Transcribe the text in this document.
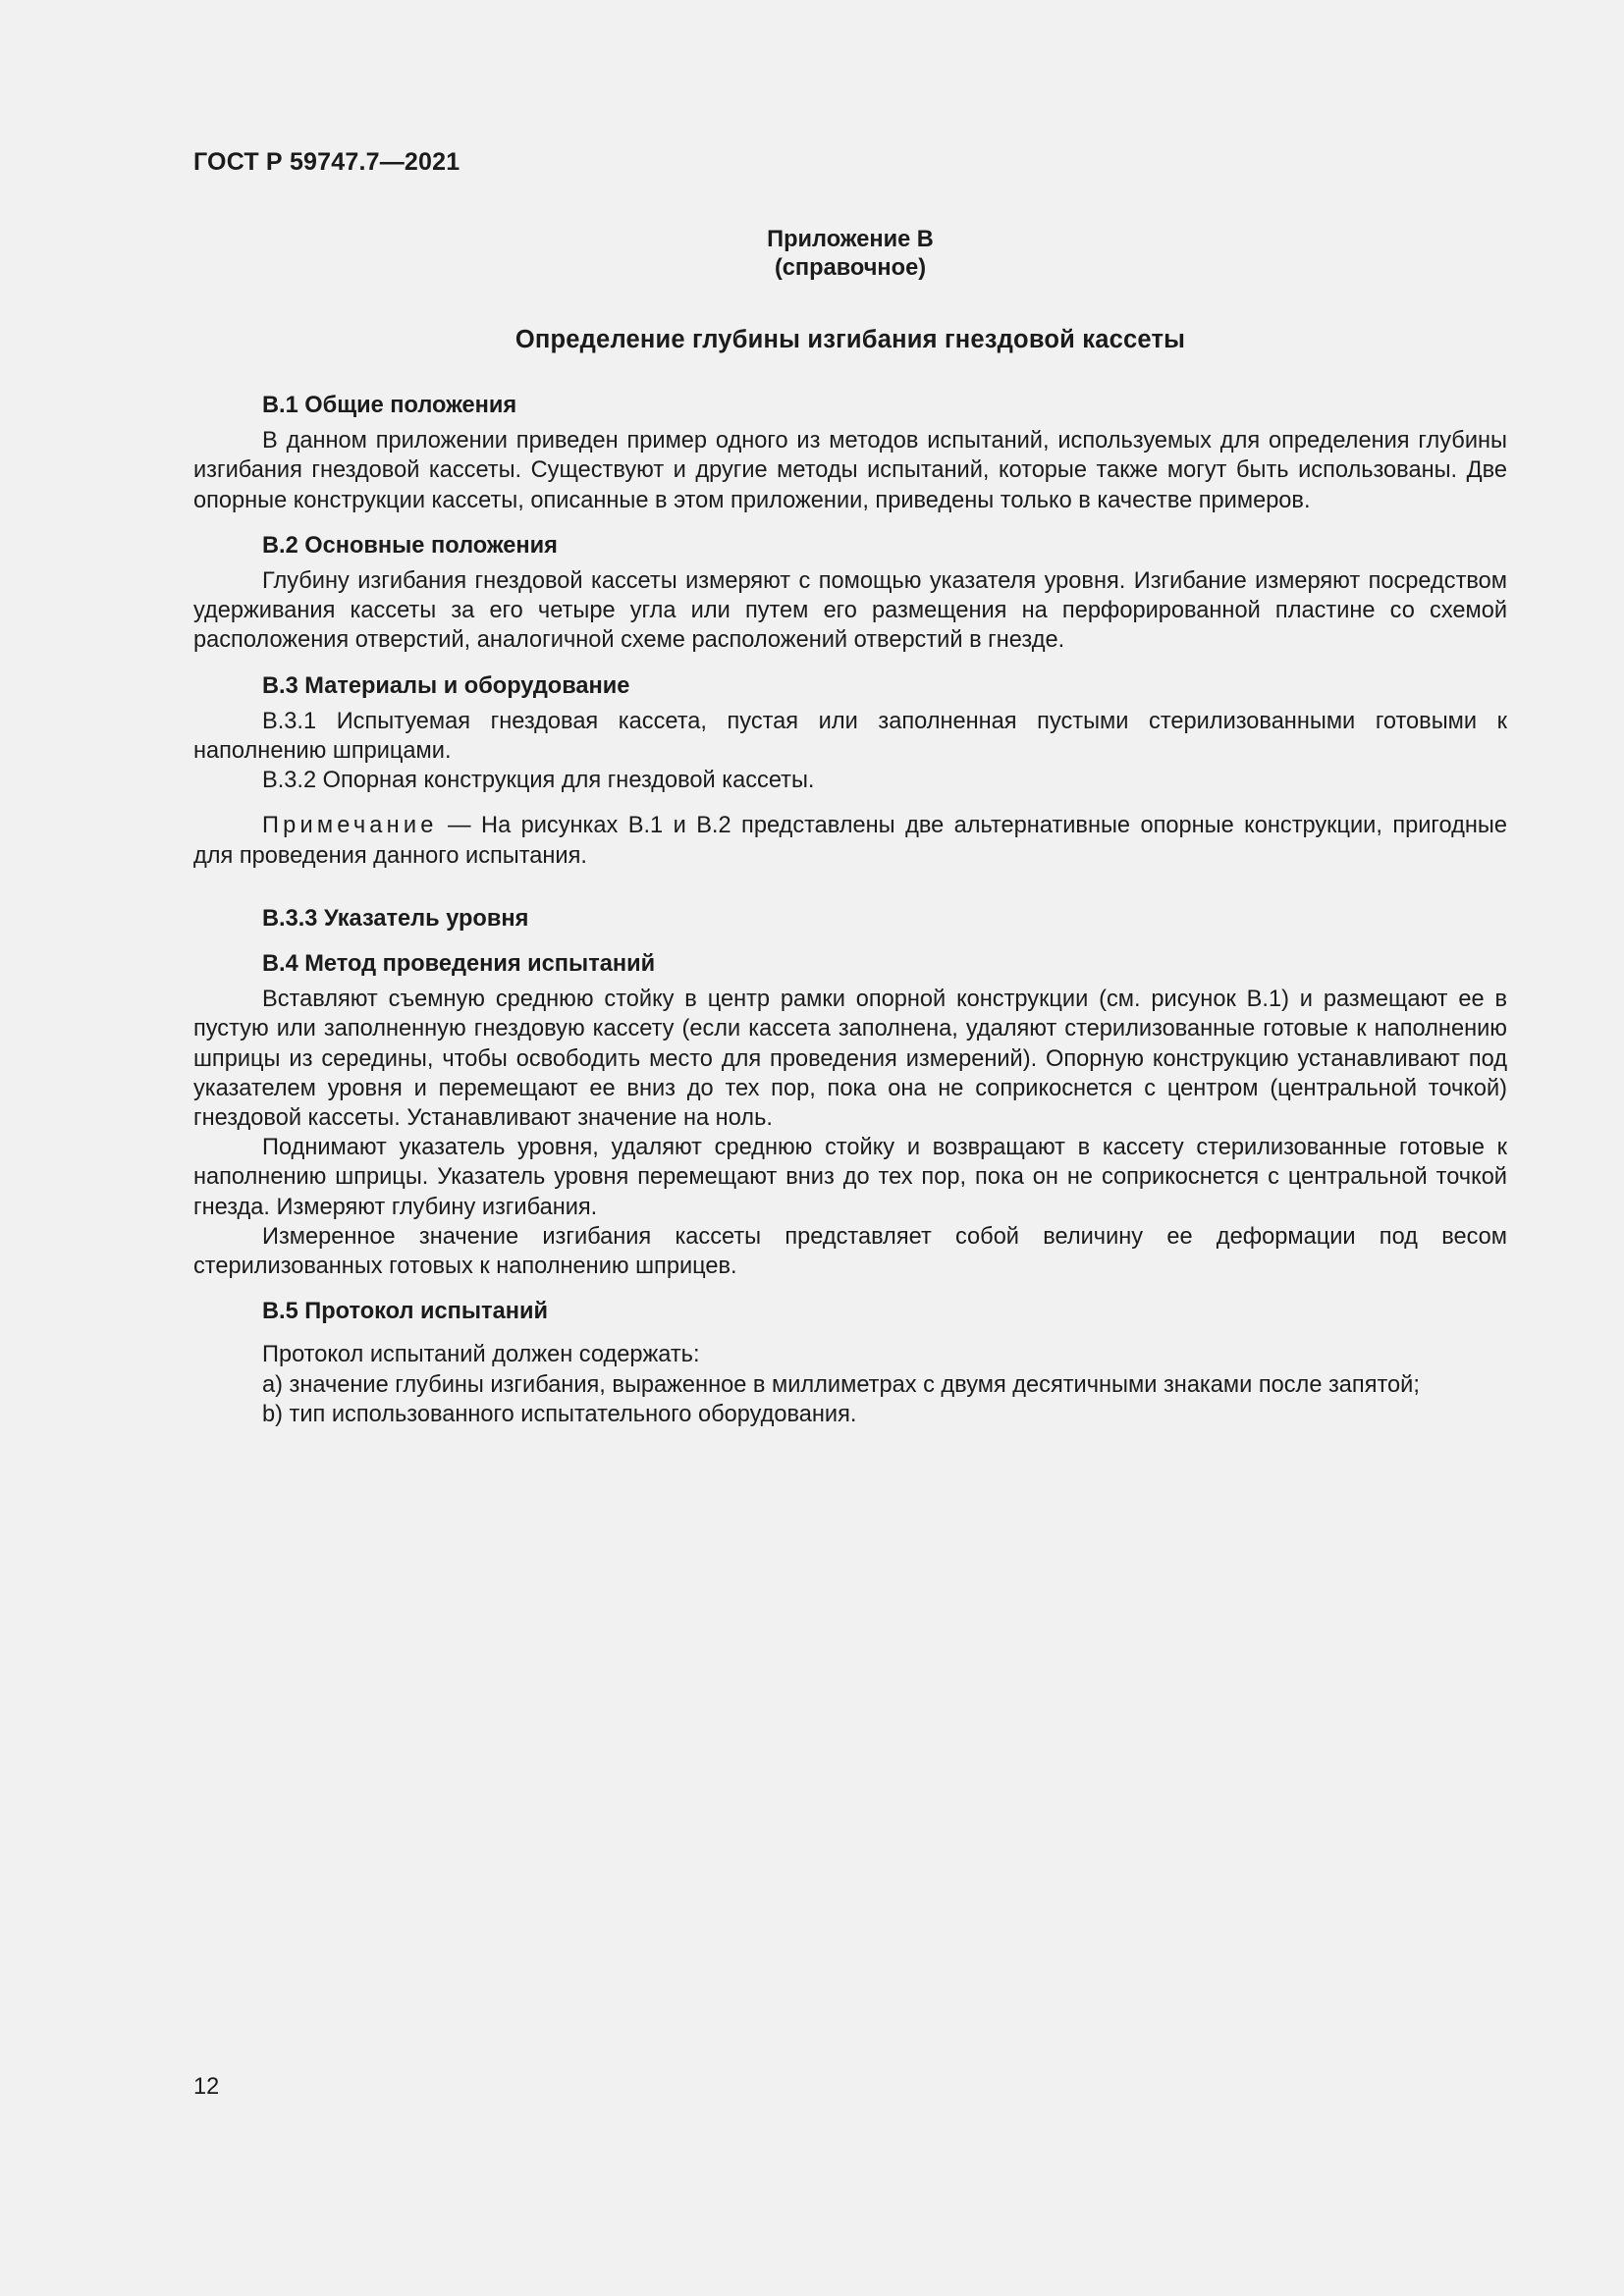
ГОСТ Р 59747.7—2021
Приложение В
(справочное)
Определение глубины изгибания гнездовой кассеты
В.1 Общие положения

В данном приложении приведен пример одного из методов испытаний, используемых для определения глубины изгибания гнездовой кассеты. Существуют и другие методы испытаний, которые также могут быть использованы. Две опорные конструкции кассеты, описанные в этом приложении, приведены только в качестве примеров.

В.2 Основные положения

Глубину изгибания гнездовой кассеты измеряют с помощью указателя уровня. Изгибание измеряют посредством удерживания кассеты за его четыре угла или путем его размещения на перфорированной пластине со схемой расположения отверстий, аналогичной схеме расположений отверстий в гнезде.

В.3 Материалы и оборудование

В.3.1 Испытуемая гнездовая кассета, пустая или заполненная пустыми стерилизованными готовыми к наполнению шприцами.

В.3.2 Опорная конструкция для гнездовой кассеты.

Примечание — На рисунках В.1 и В.2 представлены две альтернативные опорные конструкции, пригодные для проведения данного испытания.

В.3.3 Указатель уровня
В.4 Метод проведения испытаний

Вставляют съемную среднюю стойку в центр рамки опорной конструкции (см. рисунок В.1) и размещают ее в пустую или заполненную гнездовую кассету (если кассета заполнена, удаляют стерилизованные готовые к наполнению шприцы из середины, чтобы освободить место для проведения измерений). Опорную конструкцию устанавливают под указателем уровня и перемещают ее вниз до тех пор, пока она не соприкоснется с центром (центральной точкой) гнездовой кассеты. Устанавливают значение на ноль.

Поднимают указатель уровня, удаляют среднюю стойку и возвращают в кассету стерилизованные готовые к наполнению шприцы. Указатель уровня перемещают вниз до тех пор, пока он не соприкоснется с центральной точкой гнезда. Измеряют глубину изгибания.

Измеренное значение изгибания кассеты представляет собой величину ее деформации под весом стерилизованных готовых к наполнению шприцев.

В.5 Протокол испытаний
Протокол испытаний должен содержать:
а) значение глубины изгибания, выраженное в миллиметрах с двумя десятичными знаками после запятой;
b) тип использованного испытательного оборудования.
12
